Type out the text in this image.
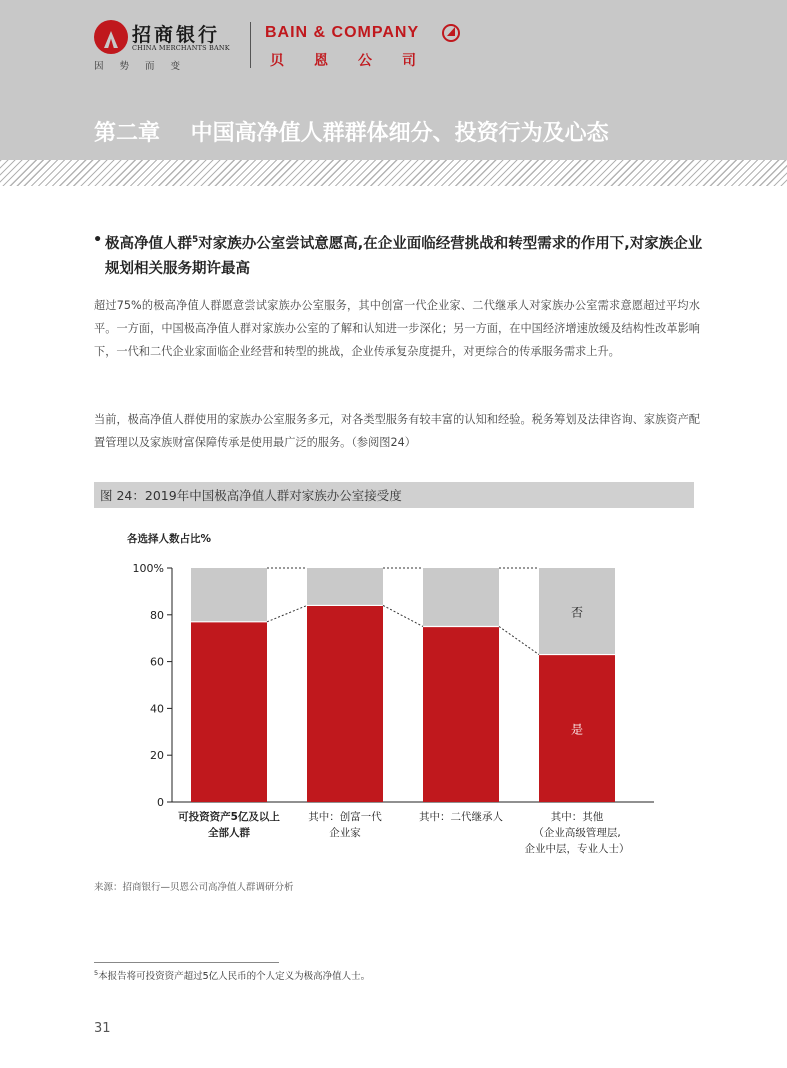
招商银行
CHINA MERCHANTS BANK
因势而变
BAIN & COMPANY
贝恩公司
第二章    中国高净值人群群体细分、投资行为及心态
• 极高净值人群$^5$对家族办公室尝试意愿高,在企业面临经营挑战和转型需求的作用下,对家族企业规划相关服务期许最高
超过75%的极高净值人群愿意尝试家族办公室服务，其中创富一代企业家、二代继承人对家族办公室需求意愿超过平均水平。一方面，中国极高净值人群对家族办公室的了解和认知进一步深化；另一方面，在中国经济增速放缓及结构性改革影响下，一代和二代企业家面临企业经营和转型的挑战，企业传承复杂度提升，对更综合的传承服务需求上升。
当前，极高净值人群使用的家族办公室服务多元，对各类型服务有较丰富的认知和经验。税务筹划及法律咨询、家族资产配置管理以及家族财富保障传承是使用最广泛的服务。（参阅图24）
图 24：2019年中国极高净值人群对家族办公室接受度
各选择人数占比%
0
20
40
60
80
100%
否
是
可投资资产5亿及以上
全部人群
其中：创富一代
企业家
其中：二代继承人	其中：其他
（企业高级管理层,
企业中层，专业人士）
来源：招商银行—贝恩公司高净值人群调研分析
$^5$本报告将可投资资产超过5亿人民币的个人定义为极高净值人士。
31
